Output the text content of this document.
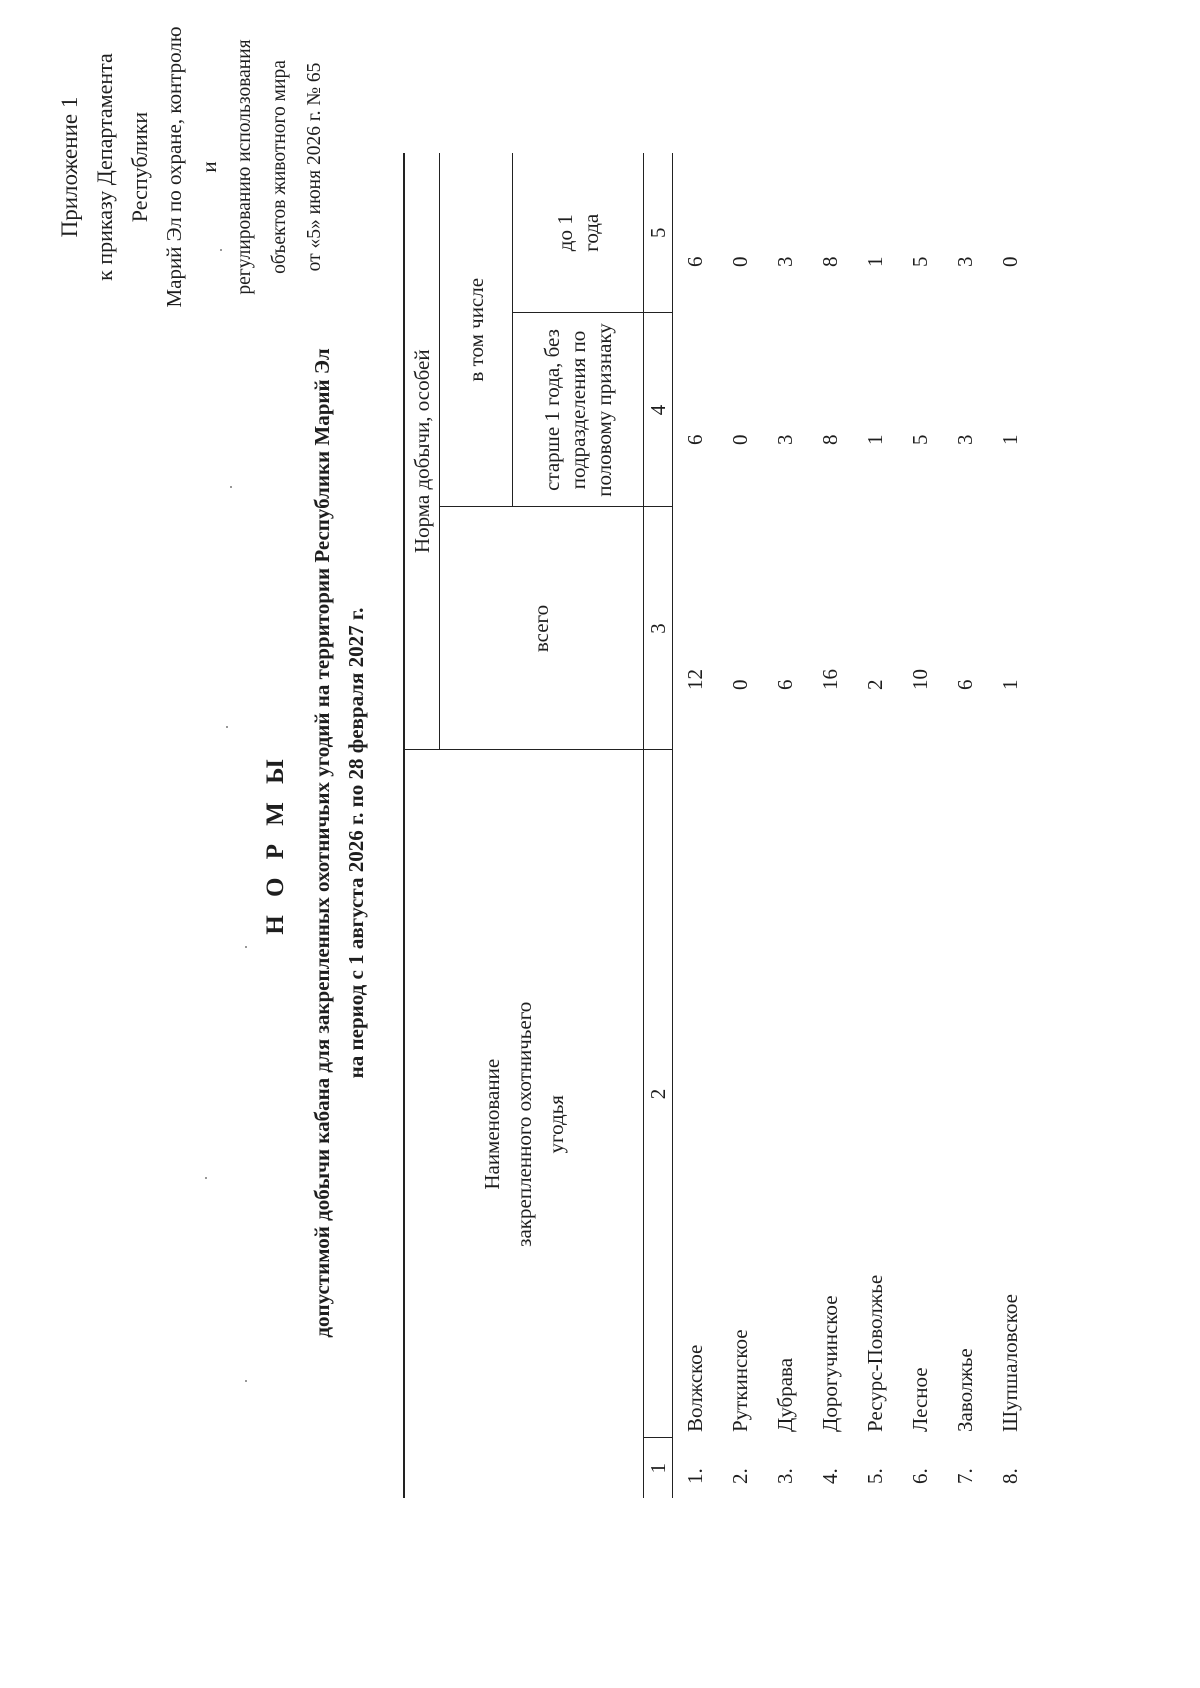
Приложение 1 к приказу Департамента Республики Марий Эл по охране, контролю и регулированию использования объектов животного мира от «5» июня 2026 г. № 65
Н О Р М Ы допустимой добычи кабана для закрепленных охотничьих угодий на территории Республики Марий Эл на период с 1 августа 2026 г. по 28 февраля 2027 г.
Наименование закрепленного охотничьего угодья		Норма добычи, особей		

		всего	в том числе	

			старше 1 года, без подразделения по половому признаку	до 1 года

1	2	3	4	5
1.	Волжское	12	6	6
2.	Руткинское	0	0	0
3.	Дубрава	6	3	3
4.	Дорогучинское	16	8	8
5.	Ресурс-Поволжье	2	1	1
6.	Лесное	10	5	5
7.	Заволжье	6	3	3
8.	Шупшаловское	1	1	0
